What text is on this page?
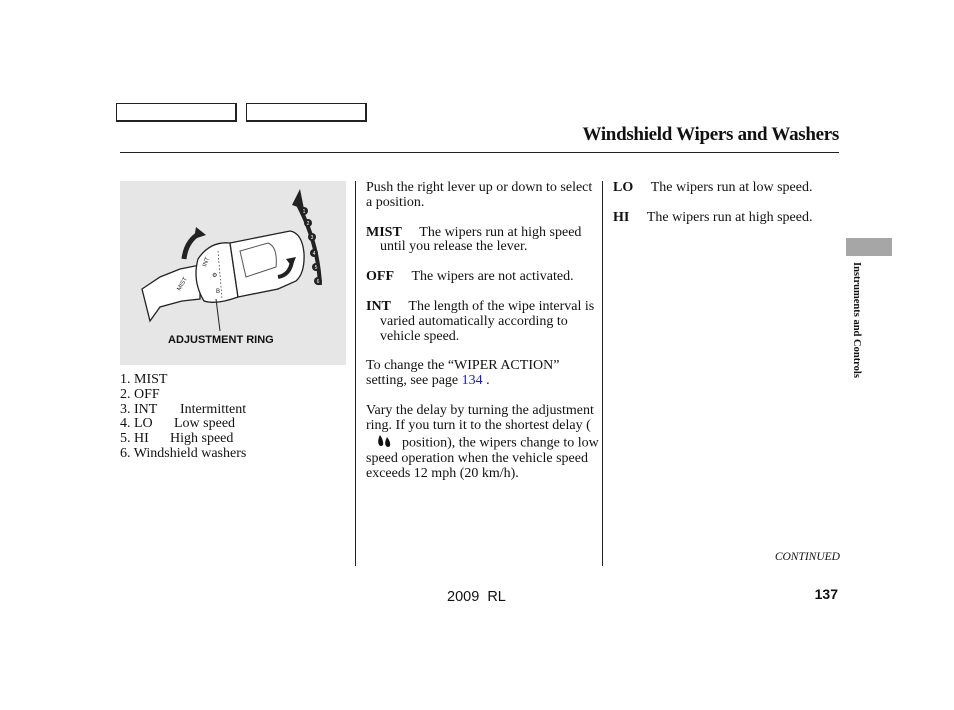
Windshield Wipers and Washers
INT
⚙
B
MIST
1
2
3
4
5
6
ADJUSTMENT RING
1. MIST
2. OFF
3. INT Intermittent
4. LO Low speed
5. HI High speed
6. Windshield washers

Push the right lever up or down to select a position.

MIST The wipers run at high speed until you release the lever.

OFF The wipers are not activated.

INT The length of the wipe interval is varied automatically according to vehicle speed.

To change the “WIPER ACTION” setting, see page 134 .

Vary the delay by turning the adjustment ring. If you turn it to the shortest delay (position), the wipers change to low speed operation when the vehicle speed exceeds 12 mph (20 km/h).

LO The wipers run at low speed.

HI The wipers run at high speed.

Instruments and Controls
CONTINUED
2009  RL	137
